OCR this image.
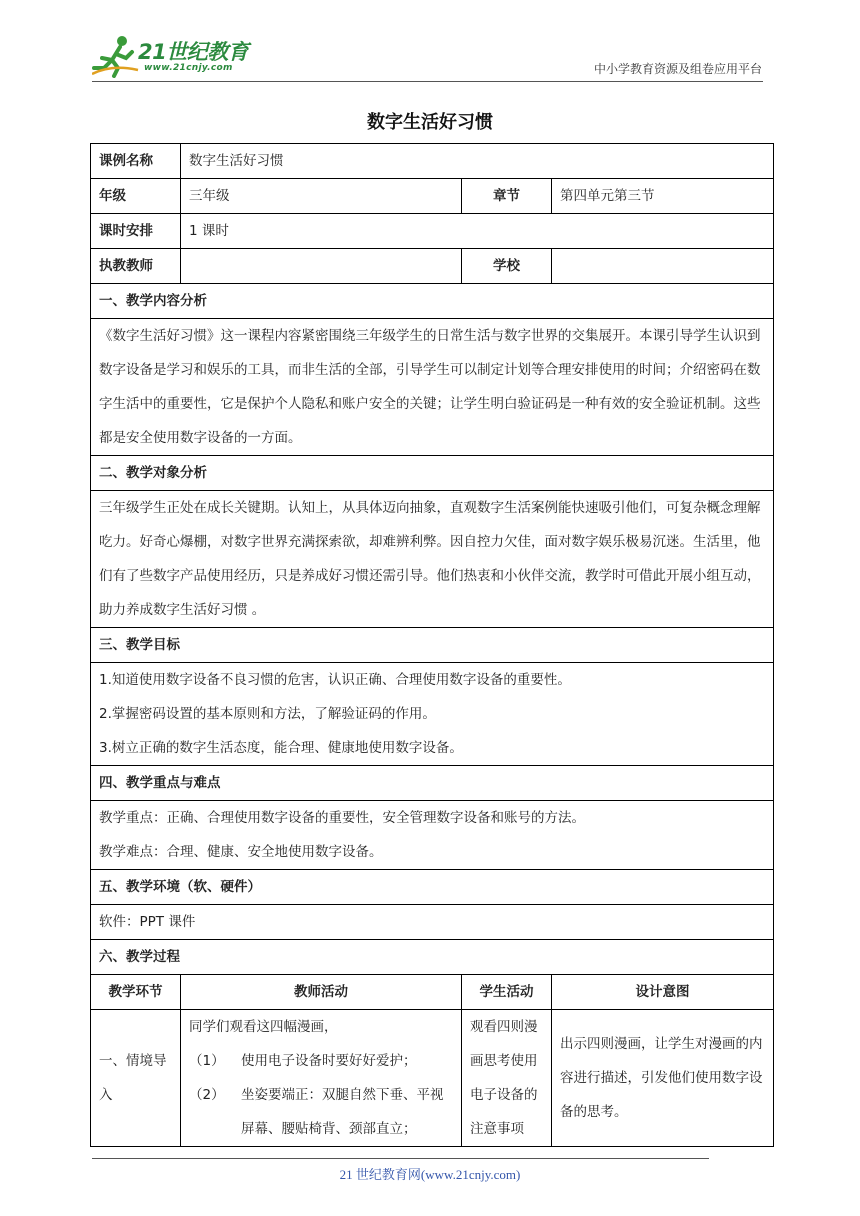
21世纪教育
www.21cnjy.com	中小学教育资源及组卷应用平台
数字生活好习惯
课例名称	数字生活好习惯		
年级	三年级	章节	第四单元第三节
课时安排	1 课时		
执教教师		学校	
一、教学内容分析			
《数字生活好习惯》这一课程内容紧密围绕三年级学生的日常生活与数字世界的交集展开。本课引导学生认识到数字设备是学习和娱乐的工具，而非生活的全部，引导学生可以制定计划等合理安排使用的时间；介绍密码在数字生活中的重要性，它是保护个人隐私和账户安全的关键；让学生明白验证码是一种有效的安全验证机制。这些都是安全使用数字设备的一方面。			
二、教学对象分析			
三年级学生正处在成长关键期。认知上，从具体迈向抽象，直观数字生活案例能快速吸引他们，可复杂概念理解吃力。好奇心爆棚，对数字世界充满探索欲，却难辨利弊。因自控力欠佳，面对数字娱乐极易沉迷。生活里，他们有了些数字产品使用经历，只是养成好习惯还需引导。他们热衷和小伙伴交流，教学时可借此开展小组互动，助力养成数字生活好习惯 。			
三、教学目标			

1.知道使用数字设备不良习惯的危害，认识正确、合理使用数字设备的重要性。

2.掌握密码设置的基本原则和方法，了解验证码的作用。

3.树立正确的数字生活态度，能合理、健康地使用数字设备。			

四、教学重点与难点			

教学重点：正确、合理使用数字设备的重要性，安全管理数字设备和账号的方法。

教学难点：合理、健康、安全地使用数字设备。			

五、教学环境（软、硬件）			
软件：PPT 课件			
六、教学过程			
教学环节	教师活动	学生活动	设计意图
一、情境导入	同学们观看这四幅漫画，
（1） 使用电子设备时要好好爱护；
（2） 坐姿要端正：双腿自然下垂、平视屏幕、腰贴椅背、颈部直立；	观看四则漫画思考使用电子设备的注意事项	出示四则漫画，让学生对漫画的内容进行描述，引发他们使用数字设备的思考。
21 世纪教育网(www.21cnjy.com)
